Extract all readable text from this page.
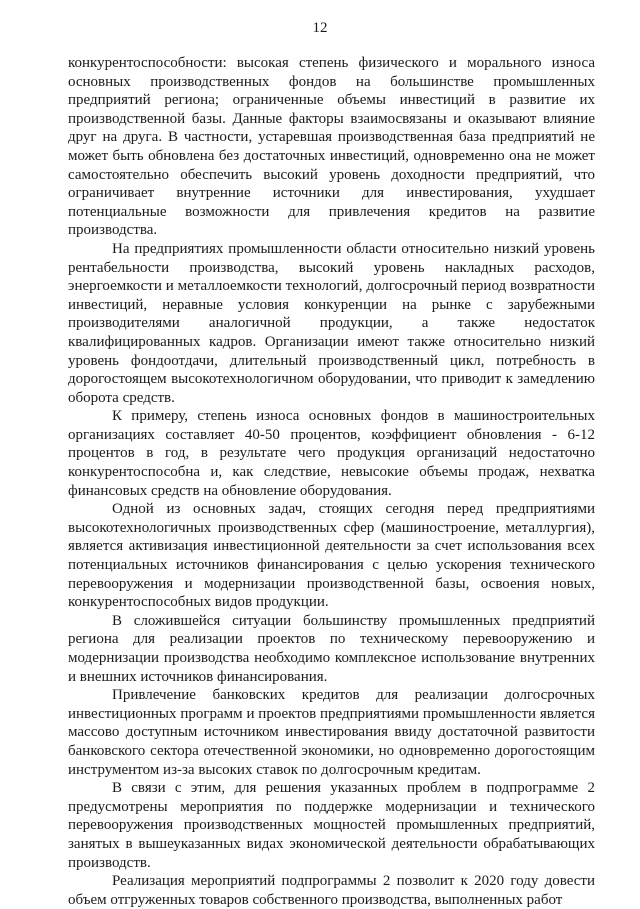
12

конкурентоспособности: высокая степень физического и морального износа основных производственных фондов на большинстве промышленных предприятий региона; ограниченные объемы инвестиций в развитие их производственной базы. Данные факторы взаимосвязаны и оказывают влияние друг на друга. В частности, устаревшая производственная база предприятий не может быть обновлена без достаточных инвестиций, одновременно она не может самостоятельно обеспечить высокий уровень доходности предприятий, что ограничивает внутренние источники для инвестирования, ухудшает потенциальные возможности для привлечения кредитов на развитие производства.

На предприятиях промышленности области относительно низкий уровень рентабельности производства, высокий уровень накладных расходов, энергоемкости и металлоемкости технологий, долгосрочный период возвратности инвестиций, неравные условия конкуренции на рынке с зарубежными производителями аналогичной продукции, а также недостаток квалифицированных кадров. Организации имеют также относительно низкий уровень фондоотдачи, длительный производственный цикл, потребность в дорогостоящем высокотехнологичном оборудовании, что приводит к замедлению оборота средств.

К примеру, степень износа основных фондов в машиностроительных организациях составляет 40-50 процентов, коэффициент обновления - 6-12 процентов в год, в результате чего продукция организаций недостаточно конкурентоспособна и, как следствие, невысокие объемы продаж, нехватка финансовых средств на обновление оборудования.

Одной из основных задач, стоящих сегодня перед предприятиями высокотехнологичных производственных сфер (машиностроение, металлургия), является активизация инвестиционной деятельности за счет использования всех потенциальных источников финансирования с целью ускорения технического перевооружения и модернизации производственной базы, освоения новых, конкурентоспособных видов продукции.

В сложившейся ситуации большинству промышленных предприятий региона для реализации проектов по техническому перевооружению и модернизации производства необходимо комплексное использование внутренних и внешних источников финансирования.

Привлечение банковских кредитов для реализации долгосрочных инвестиционных программ и проектов предприятиями промышленности является массово доступным источником инвестирования ввиду достаточной развитости банковского сектора отечественной экономики, но одновременно дорогостоящим инструментом из-за высоких ставок по долгосрочным кредитам.

В связи с этим, для решения указанных проблем в подпрограмме 2 предусмотрены мероприятия по поддержке модернизации и технического перевооружения производственных мощностей промышленных предприятий, занятых в вышеуказанных видах экономической деятельности обрабатывающих производств.

Реализация мероприятий подпрограммы 2 позволит к 2020 году довести объем отгруженных товаров собственного производства, выполненных работ
